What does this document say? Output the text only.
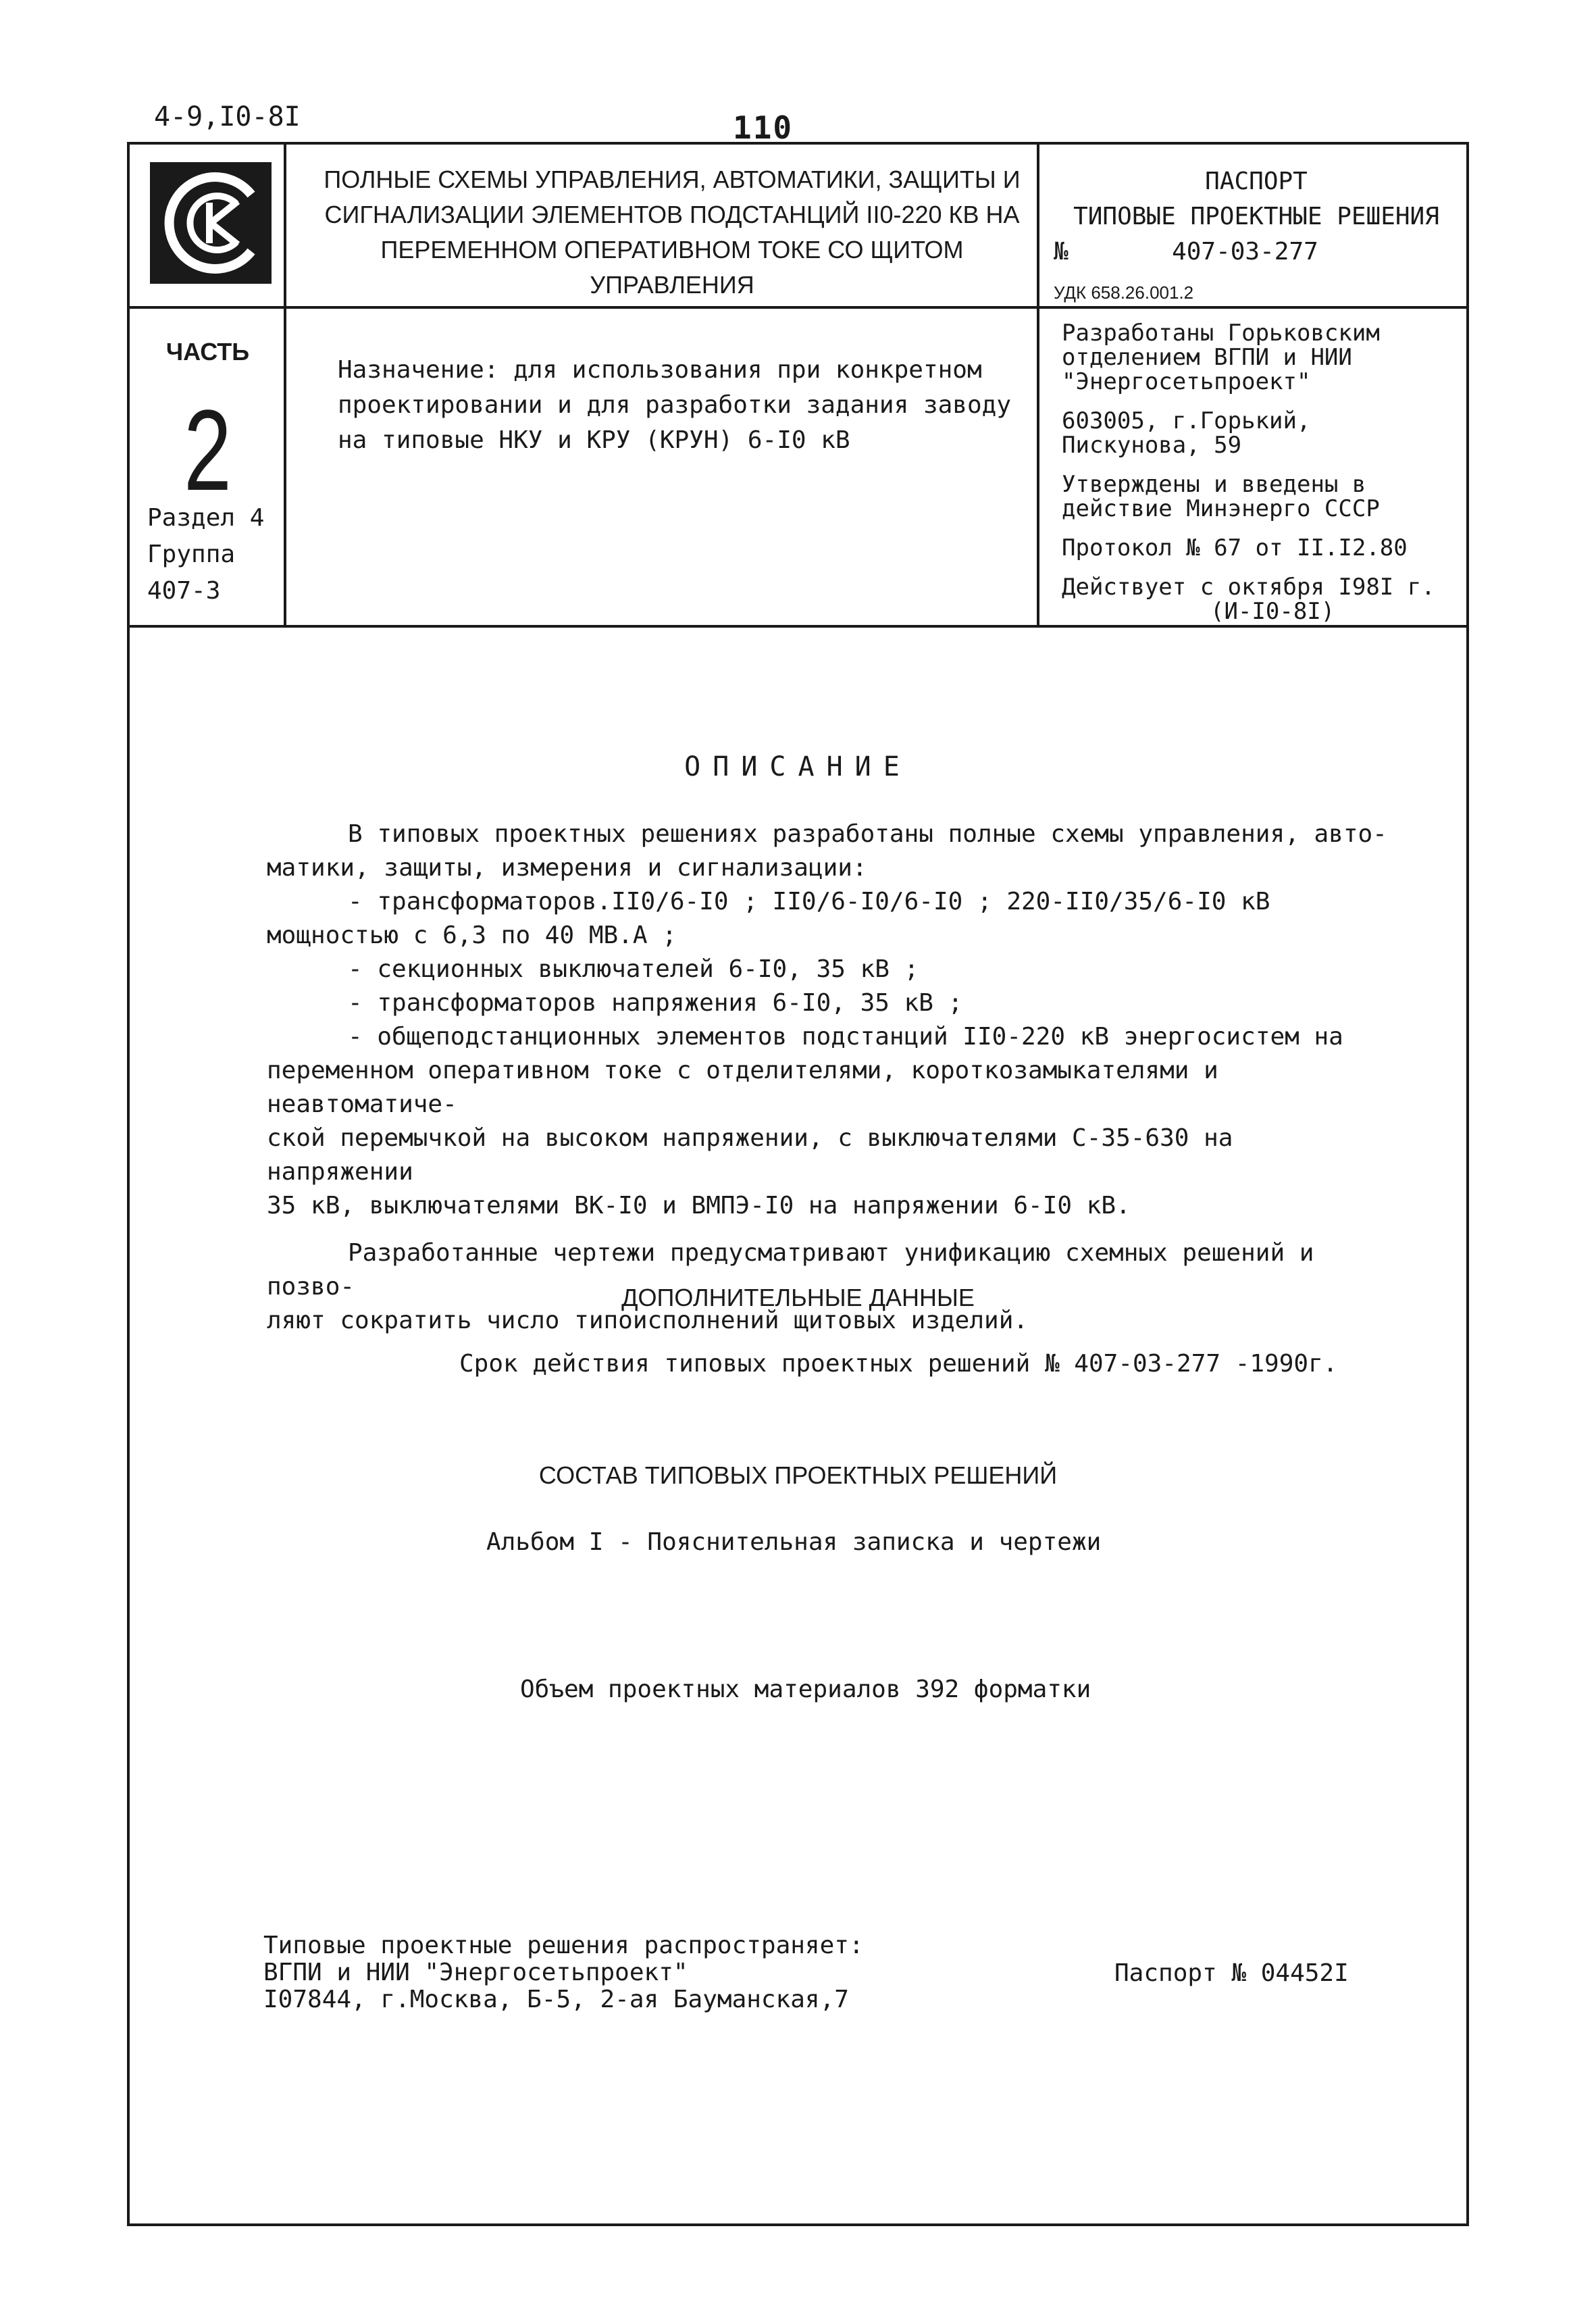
4-9,I0-8I	110
ПОЛНЫЕ СХЕМЫ УПРАВЛЕНИЯ, АВТОМАТИКИ, ЗАЩИТЫ И
СИГНАЛИЗАЦИИ ЭЛЕМЕНТОВ ПОДСТАНЦИЙ II0-220 КВ НА
ПЕРЕМЕННОМ ОПЕРАТИВНОМ ТОКЕ СО ЩИТОМ УПРАВЛЕНИЯ
ПАСПОРТ
ТИПОВЫЕ ПРОЕКТНЫЕ РЕШЕНИЯ
№	407-03-277
УДК 658.26.001.2
ЧАСТЬ
2
Раздел 4
Группа
407-3
Назначение: для использования при конкретном
проектировании и для разработки задания заводу
на типовые НКУ и КРУ (КРУН) 6-I0 кВ

Разработаны Горьковским
отделением ВГПИ и НИИ
"Энергосетьпроект"

603005, г.Горький,
Пискунова, 59

Утверждены и введены в
действие Минэнерго СССР

Протокол № 67 от II.I2.80

Действует с октября I98I г.
(И-I0-8I)

ОПИСАНИЕ

В типовых проектных решениях разработаны полные схемы управления, авто-

матики, защиты, измерения и сигнализации:

- трансформаторов.II0/6-I0 ; II0/6-I0/6-I0 ; 220-II0/35/6-I0 кВ

мощностью с 6,3 по 40 МВ.А ;

- секционных выключателей 6-I0, 35 кВ ;

- трансформаторов напряжения 6-I0, 35 кВ ;

- общеподстанционных элементов подстанций II0-220 кВ энергосистем на

переменном оперативном токе с отделителями, короткозамыкателями и неавтоматиче-

ской перемычкой на высоком напряжении, с выключателями С-35-630 на напряжении

35 кВ, выключателями ВК-I0 и ВМПЭ-I0 на напряжении 6-I0 кВ.

Разработанные чертежи предусматривают унификацию схемных решений и позво-

ляют сократить число типоисполнений щитовых изделий.

ДОПОЛНИТЕЛЬНЫЕ ДАННЫЕ
Срок действия типовых проектных решений № 407-03-277 -1990г.
СОСТАВ ТИПОВЫХ ПРОЕКТНЫХ РЕШЕНИЙ
Альбом I - Пояснительная записка и чертежи
Объем проектных материалов 392 форматки
Типовые проектные решения распространяет:
ВГПИ и НИИ "Энергосетьпроект"
I07844, г.Москва, Б-5, 2-ая Бауманская,7
Паспорт № 04452I
